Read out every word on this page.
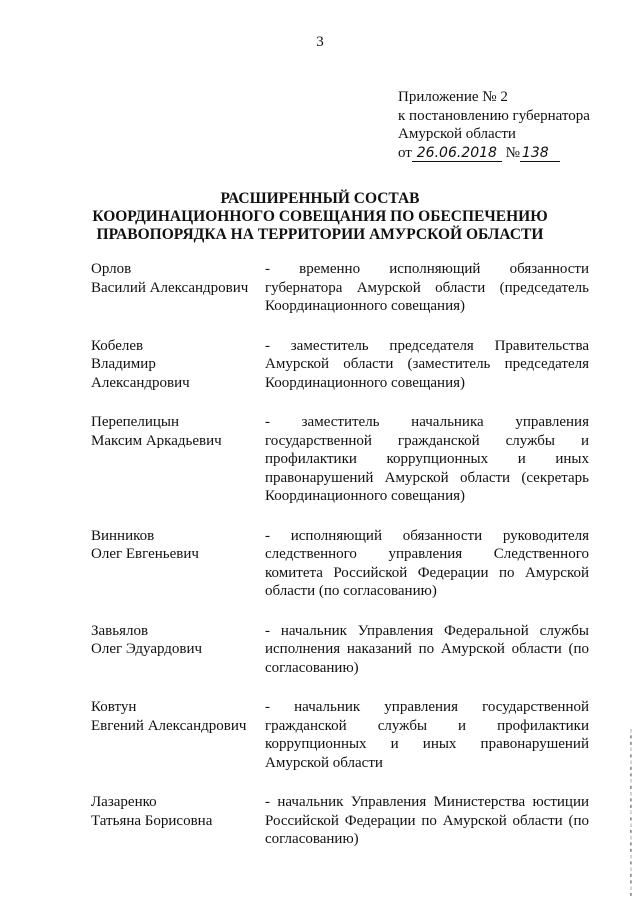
3
Приложение № 2
к постановлению губернатора
Амурской области
от 26.06.2018 № 138
РАСШИРЕННЫЙ СОСТАВ
КООРДИНАЦИОННОГО СОВЕЩАНИЯ ПО ОБЕСПЕЧЕНИЮ
ПРАВОПОРЯДКА НА ТЕРРИТОРИИ АМУРСКОЙ ОБЛАСТИ
Орлов
Василий Александрович
- временно исполняющий обязанности губернатора Амурской области (председатель Координационного совещания)
Кобелев
Владимир
Александрович
- заместитель председателя Правительства Амурской области (заместитель председателя Координационного совещания)
Перепелицын
Максим Аркадьевич
- заместитель начальника управления государственной гражданской службы и профилактики коррупционных и иных правонарушений Амурской области (секретарь Координационного совещания)
Винников
Олег Евгеньевич
- исполняющий обязанности руководителя следственного управления Следственного комитета Российской Федерации по Амурской области (по согласованию)
Завьялов
Олег Эдуардович
- начальник Управления Федеральной службы исполнения наказаний по Амурской области (по согласованию)
Ковтун
Евгений Александрович
- начальник управления государственной гражданской службы и профилактики коррупционных и иных правонарушений Амурской области
Лазаренко
Татьяна Борисовна
- начальник Управления Министерства юстиции Российской Федерации по Амурской области (по согласованию)	▮▯▮▮▯▮▯▮▮▯▮▯▮▯▮▮▯▮▯▮▮▯▮▯▮▮▯
